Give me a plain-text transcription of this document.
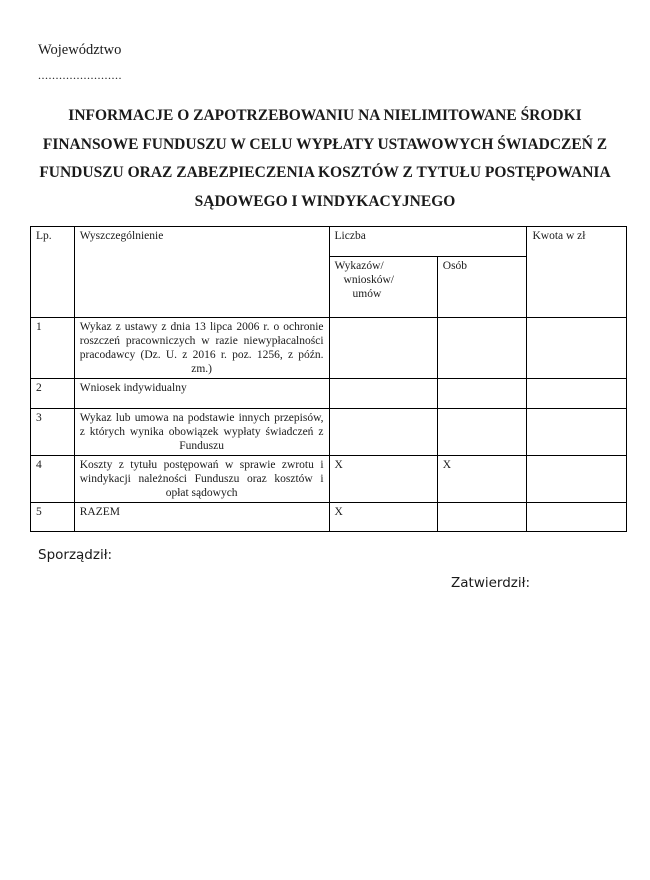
Województwo
........................
INFORMACJE O ZAPOTRZEBOWANIU NA NIELIMITOWANE ŚRODKI
FINANSOWE FUNDUSZU W CELU WYPŁATY USTAWOWYCH ŚWIADCZEŃ Z
FUNDUSZU ORAZ ZABEZPIECZENIA KOSZTÓW Z TYTUŁU POSTĘPOWANIA
SĄDOWEGO I WINDYKACYJNEGO
Lp.	Wyszczególnienie	Liczba		Kwota w zł

		Wykazów/
wniosków/
umów	Osób	
1	Wykaz z ustawy z dnia 13 lipca 2006 r. o ochronie roszczeń pracowniczych w razie niewypłacalności pracodawcy (Dz. U. z 2016 r. poz. 1256, z późn. zm.)			
2	Wniosek indywidualny			
3	Wykaz lub umowa na podstawie innych przepisów, z których wynika obowiązek wypłaty świadczeń z Funduszu			
4	Koszty z tytułu postępowań w sprawie zwrotu i windykacji należności Funduszu oraz kosztów i opłat sądowych	X	X	
5	RAZEM	X		
Sporządził:
Zatwierdził:
